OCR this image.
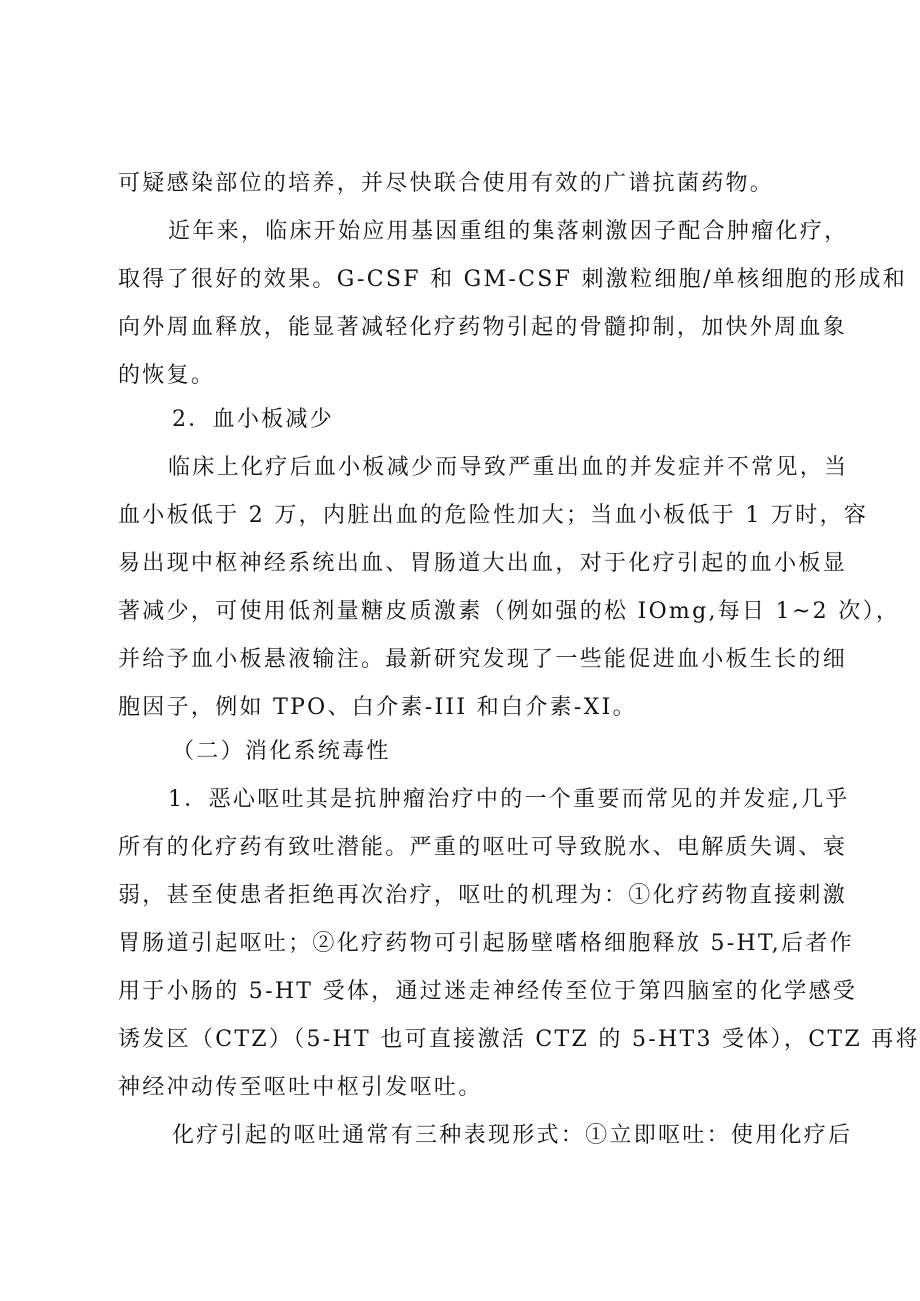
可疑感染部位的培养，并尽快联合使用有效的广谱抗菌药物。
近年来，临床开始应用基因重组的集落刺激因子配合肿瘤化疗，
取得了很好的效果。G-CSF 和 GM-CSF 刺激粒细胞/单核细胞的形成和
向外周血释放，能显著减轻化疗药物引起的骨髓抑制，加快外周血象
的恢复。
2．血小板减少
临床上化疗后血小板减少而导致严重出血的并发症并不常见，当
血小板低于 2 万，内脏出血的危险性加大；当血小板低于 1 万时，容
易出现中枢神经系统出血、胃肠道大出血，对于化疗引起的血小板显
著减少，可使用低剂量糖皮质激素（例如强的松 IOmg,每日 1~2 次），
并给予血小板悬液输注。最新研究发现了一些能促进血小板生长的细
胞因子，例如 TPO、白介素-III 和白介素-XI。
（二）消化系统毒性
1．恶心呕吐其是抗肿瘤治疗中的一个重要而常见的并发症,几乎
所有的化疗药有致吐潜能。严重的呕吐可导致脱水、电解质失调、衰
弱，甚至使患者拒绝再次治疗，呕吐的机理为：①化疗药物直接刺激
胃肠道引起呕吐；②化疗药物可引起肠壁嗜格细胞释放 5-HT,后者作
用于小肠的 5-HT 受体，通过迷走神经传至位于第四脑室的化学感受
诱发区（CTZ）（5-HT 也可直接激活 CTZ 的 5-HT3 受体），CTZ 再将
神经冲动传至呕吐中枢引发呕吐。
化疗引起的呕吐通常有三种表现形式：①立即呕吐：使用化疗后
